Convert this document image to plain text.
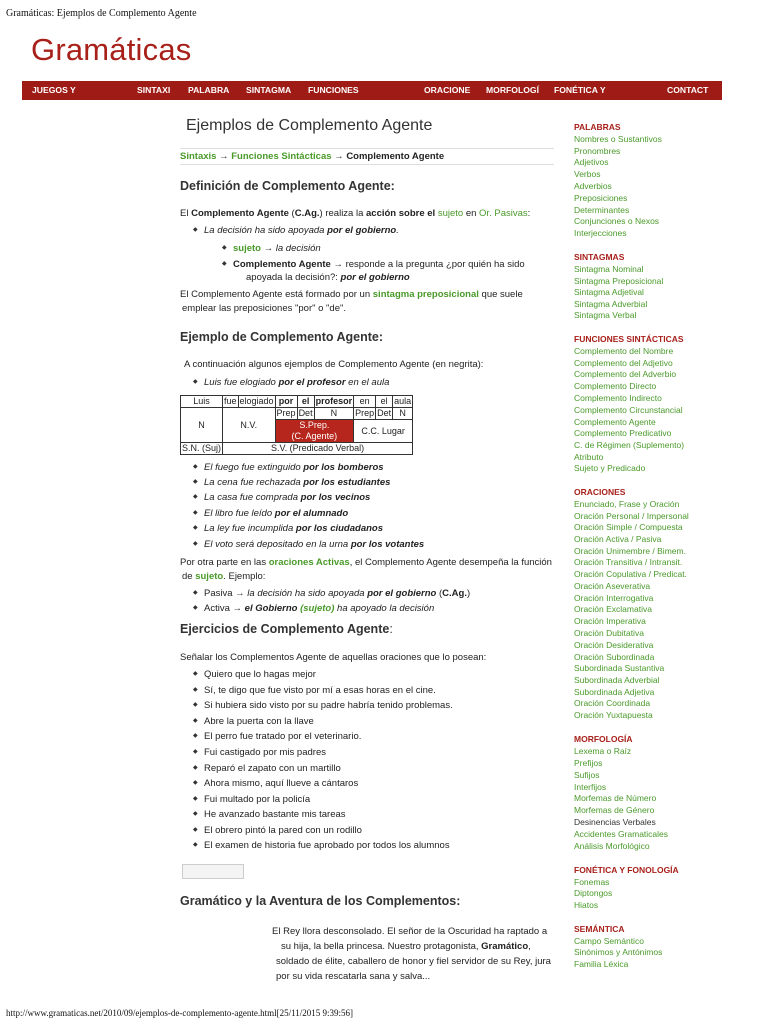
Gramáticas: Ejemplos de Complemento Agente
Gramáticas
JUEGOS Y	SINTAXI PALABRA SINTAGMA FUNCIONES	ORACIONE MORFOLOGÍ FONÉTICA Y	CONTACT
Ejemplos de Complemento Agente
Sintaxis → Funciones Sintácticas → Complemento Agente
Definición de Complemento Agente:
El Complemento Agente (C.Ag.) realiza la acción sobre el sujeto en Or. Pasivas:
◆ La decisión ha sido apoyada por el gobierno.
◆ sujeto → la decisión
◆ Complemento Agente → responde a la pregunta ¿por quién ha sido
apoyada la decisión?: por el gobierno
El Complemento Agente está formado por un sintagma preposicional que suele
emplear las preposiciones "por" o "de".
Ejemplo de Complemento Agente:
A continuación algunos ejemplos de Complemento Agente (en negrita):
◆ Luis fue elogiado por el profesor en el aula
Luis	fue	elogiado	por	el	profesor	en	el	aula
N	N.V.		Prep	Det	N	Prep	Det	N
			S.Prep.
(C. Agente)			C.C. Lugar		
S.N. (Suj)	S.V. (Predicado Verbal)							
◆ El fuego fue extinguido por los bomberos
◆ La cena fue rechazada por los estudiantes
◆ La casa fue comprada por los vecinos
◆ El libro fue leído por el alumnado
◆ La ley fue incumplida por los ciudadanos
◆ El voto será depositado en la urna por los votantes
Por otra parte en las oraciones Activas, el Complemento Agente desempeña la función
de sujeto. Ejemplo:
◆ Pasiva → la decisión ha sido apoyada por el gobierno (C.Ag.)
◆ Activa → el Gobierno (sujeto) ha apoyado la decisión
Ejercicios de Complemento Agente:
Señalar los Complementos Agente de aquellas oraciones que lo posean:
◆ Quiero que lo hagas mejor
◆ Sí, te digo que fue visto por mí a esas horas en el cine.
◆ Si hubiera sido visto por su padre habría tenido problemas.
◆ Abre la puerta con la llave
◆ El perro fue tratado por el veterinario.
◆ Fui castigado por mis padres
◆ Reparó el zapato con un martillo
◆ Ahora mismo, aquí llueve a cántaros
◆ Fui multado por la policía
◆ He avanzado bastante mis tareas
◆ El obrero pintó la pared con un rodillo
◆ El examen de historia fue aprobado por todos los alumnos
Gramático y la Aventura de los Complementos:
El Rey llora desconsolado. El señor de la Oscuridad ha raptado a
su hija, la bella princesa. Nuestro protagonista, Gramático,
soldado de élite, caballero de honor y fiel servidor de su Rey, jura
por su vida rescatarla sana y salva...
PALABRAS
Nombres o Sustantivos
Pronombres
Adjetivos
Verbos
Adverbios
Preposiciones
Determinantes
Conjunciones o Nexos
Interjecciones
SINTAGMAS
Sintagma Nominal
Sintagma Preposicional
Sintagma Adjetival
Sintagma Adverbial
Sintagma Verbal
FUNCIONES SINTÁCTICAS
Complemento del Nombre
Complemento del Adjetivo
Complemento del Adverbio
Complemento Directo
Complemento Indirecto
Complemento Circunstancial
Complemento Agente
Complemento Predicativo
C. de Régimen (Suplemento)
Atributo
Sujeto y Predicado
ORACIONES
Enunciado, Frase y Oración
Oración Personal / Impersonal
Oración Simple / Compuesta
Oración Activa / Pasiva
Oración Unimembre / Bimem.
Oración Transitiva / Intransit.
Oración Copulativa / Predicat.
Oración Aseverativa
Oración Interrogativa
Oración Exclamativa
Oración Imperativa
Oración Dubitativa
Oración Desiderativa
Oración Subordinada
Subordinada Sustantiva
Subordinada Adverbial
Subordinada Adjetiva
Oración Coordinada
Oración Yuxtapuesta
MORFOLOGÍA
Lexema o Raíz
Prefijos
Sufijos
Interfijos
Morfemas de Número
Morfemas de Género
Desinencias Verbales
Accidentes Gramaticales
Análisis Morfológico
FONÉTICA Y FONOLOGÍA
Fonemas
Diptongos
Hiatos
SEMÁNTICA
Campo Semántico
Sinónimos y Antónimos
Familia Léxica
http://www.gramaticas.net/2010/09/ejemplos-de-complemento-agente.html[25/11/2015 9:39:56]
